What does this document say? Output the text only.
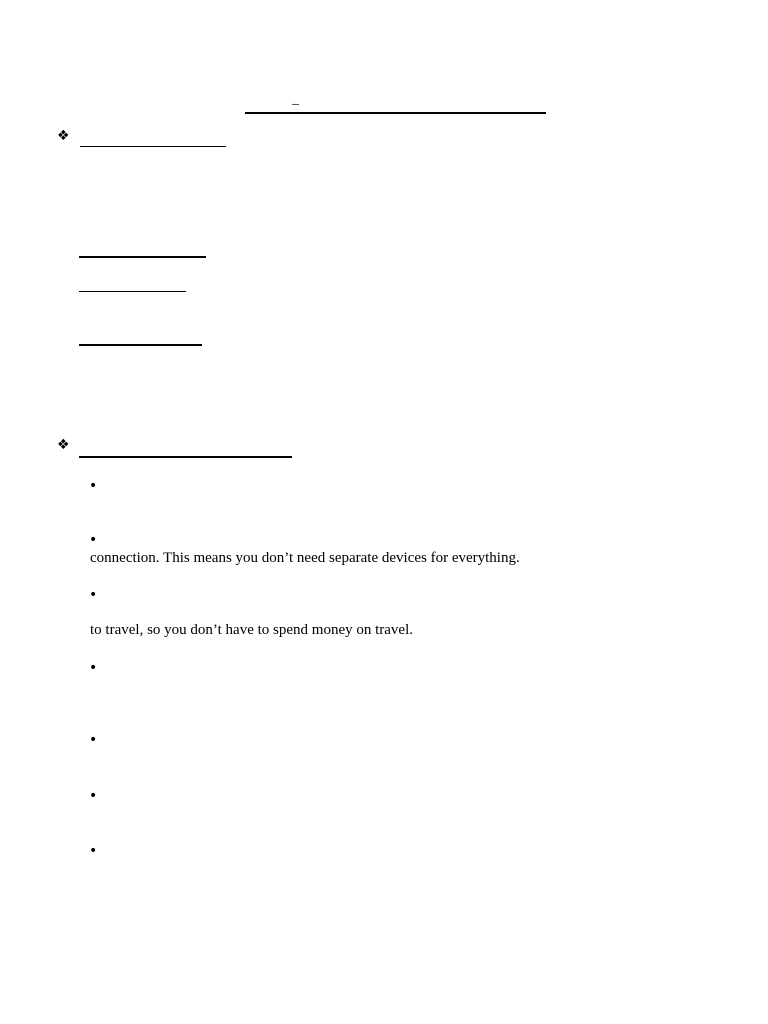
_
❖
❖
•
•
connection. This means you don’t need separate devices for everything.
•
to travel, so you don’t have to spend money on travel.
•
•
•
•
